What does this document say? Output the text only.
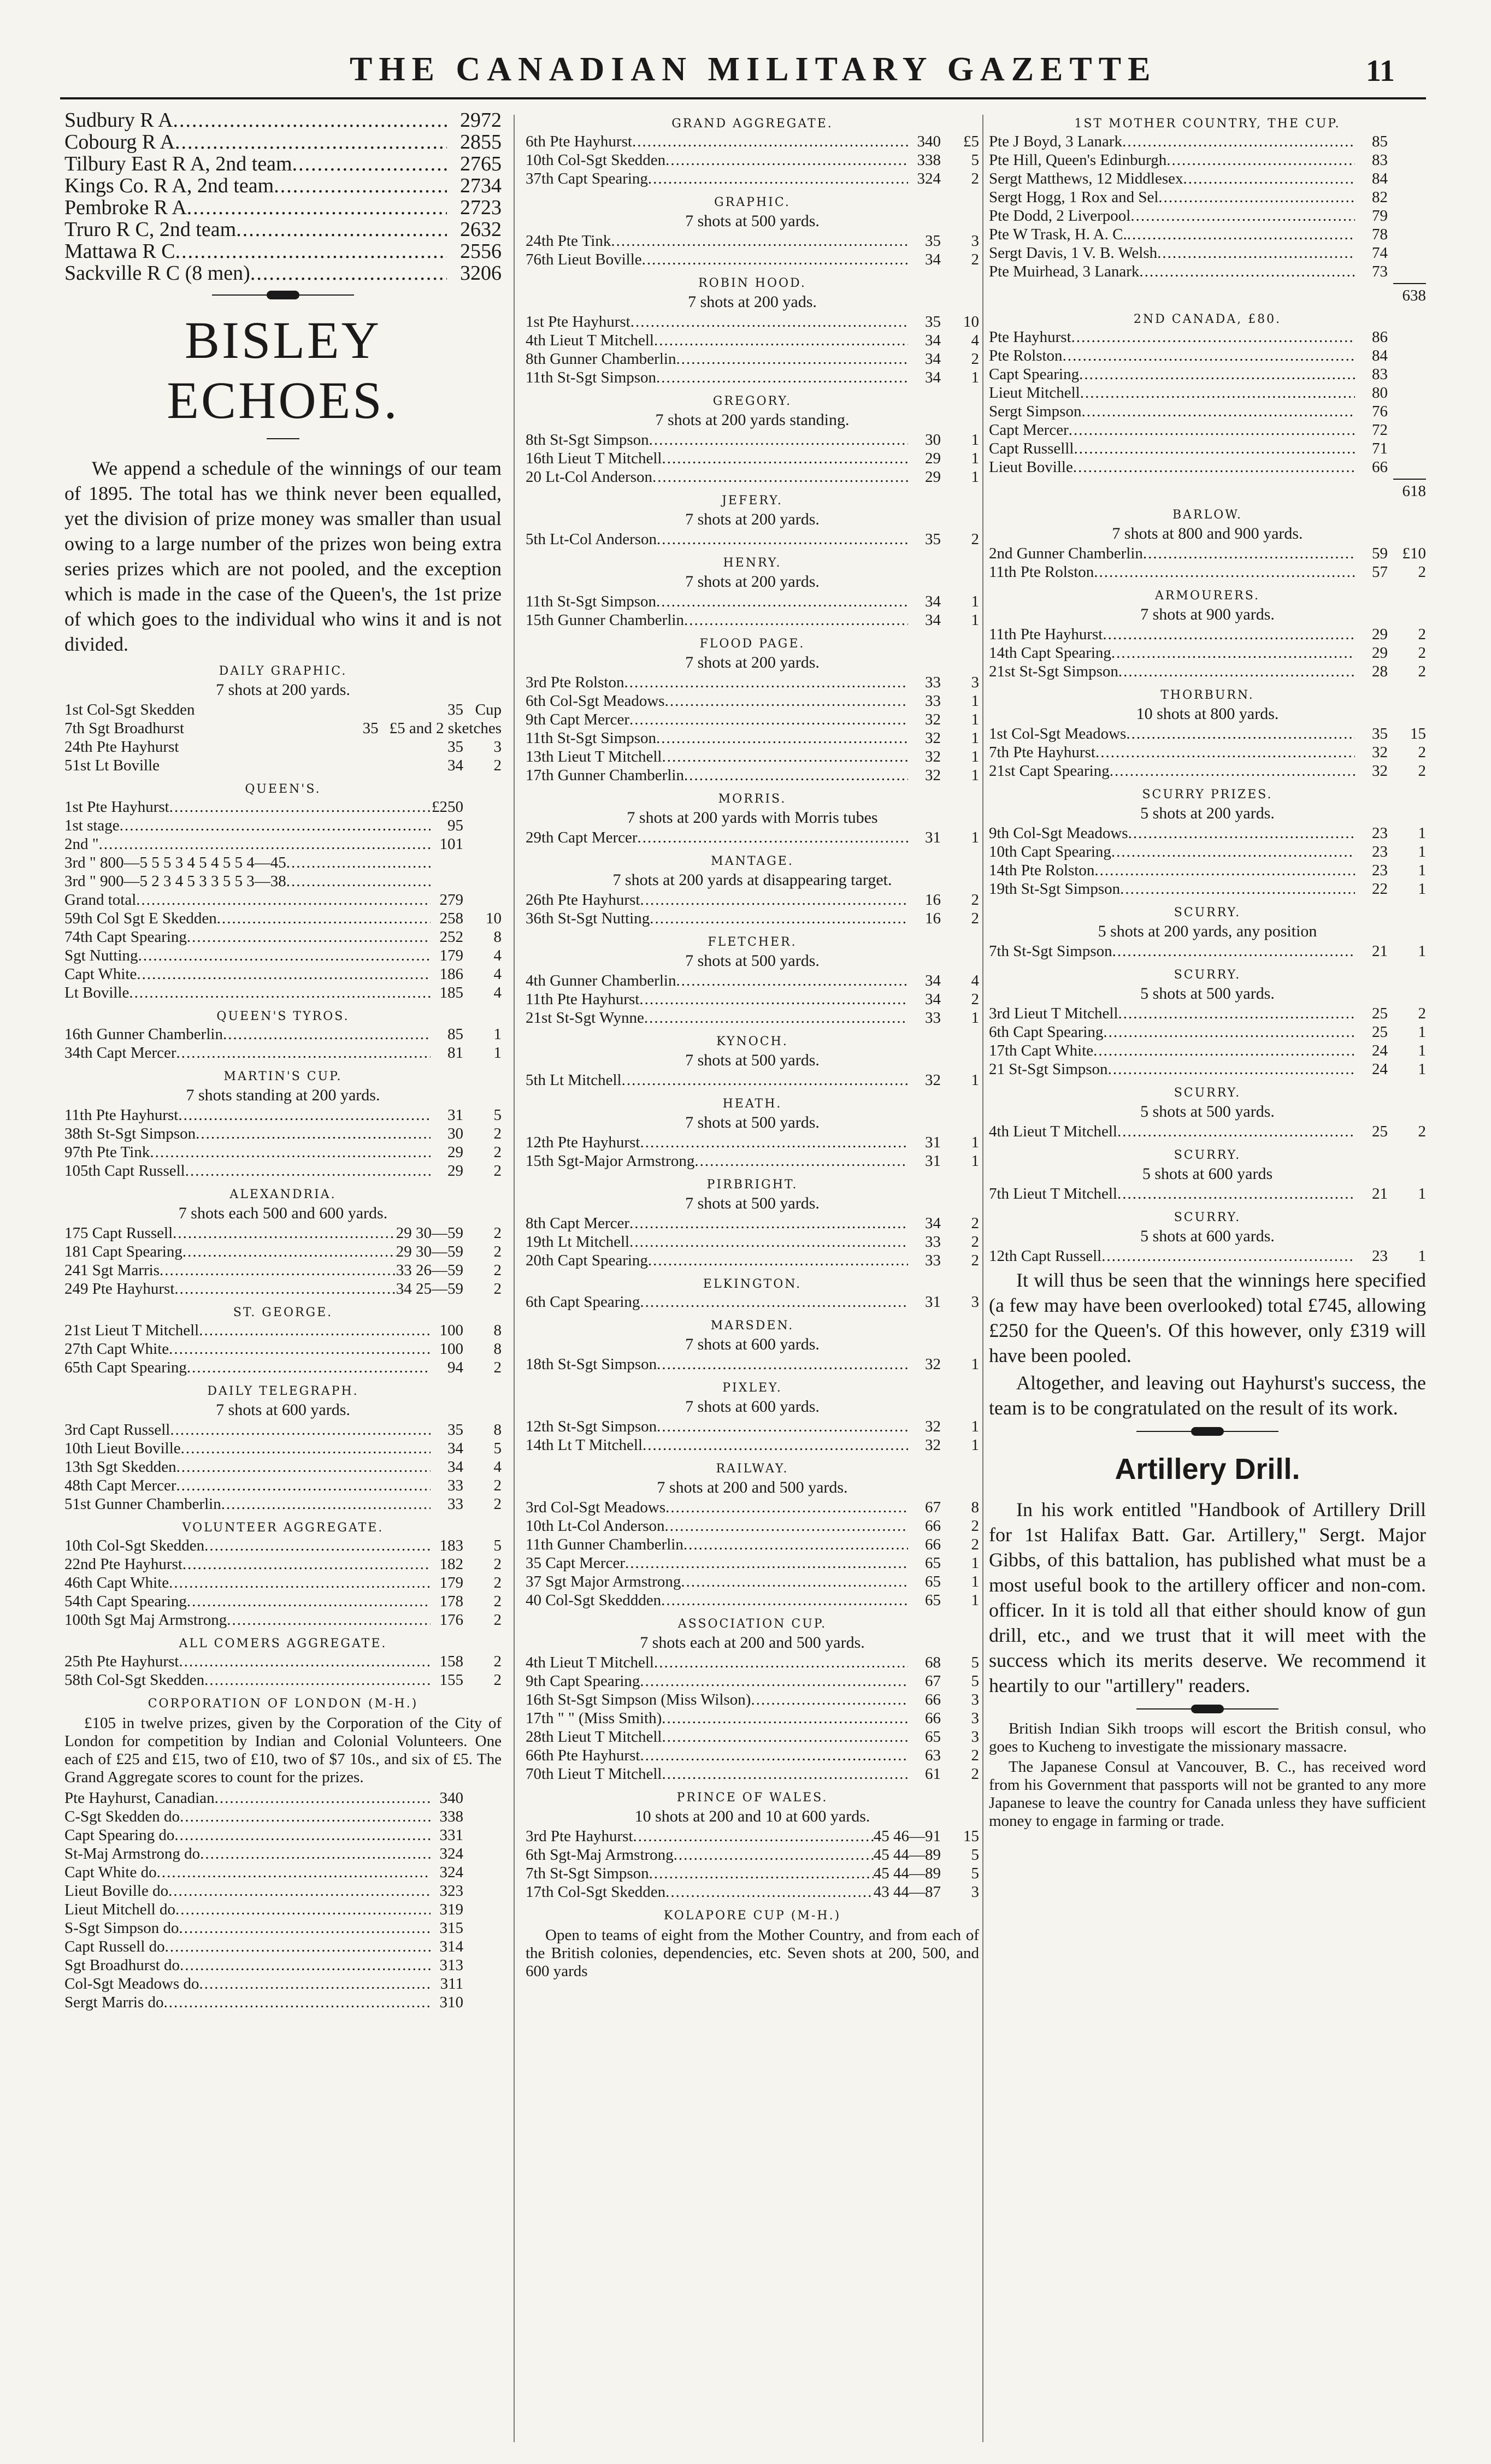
THE CANADIAN MILITARY GAZETTE	11
Sudbury R A .....	2972
Cobourg R A .....	2855
Tilbury East R A, 2nd team .....	2765
Kings Co. R A, 2nd team .....	2734
Pembroke R A .....	2723
Truro R C, 2nd team .....	2632
Mattawa R C .....	2556
Sackville R C (8 men) .....	3206
BISLEY ECHOES.
We append a schedule of the winnings of our team of 1895. The total has we think never been equalled, yet the division of prize money was smaller than usual owing to a large number of the prizes won being extra series prizes which are not pooled, and the exception which is made in the case of the Queen's, the 1st prize of which goes to the individual who wins it and is not divided.
DAILY GRAPHIC.
7 shots at 200 yards.
1st Col-Sgt Skedden	35 Cup
7th Sgt Broadhurst	35 £5 and 2 sketches
24th Pte Hayhurst	35	3
51st Lt Boville	34	2
QUEEN'S.
1st Pte Hayhurst .....	£250
1st stage .....	95
2nd " .....	101
3rd " 800—5 5 5 3 4 5 4 5 5 4—45
.....
3rd " 900—5 2 3 4 5 3 3 5 5 3—38
.....
Grand total .....	279
59th Col Sgt E Skedden .....	258	10
74th Capt Spearing .....	252	8
Sgt Nutting .....	179	4
Capt White .....	186	4
Lt Boville .....	185	4
QUEEN'S TYROS.
16th Gunner Chamberlin .....	85	1
34th Capt Mercer .....	81	1
MARTIN'S CUP.
7 shots standing at 200 yards.
11th Pte Hayhurst .....	31	5
38th St-Sgt Simpson .....	30	2
97th Pte Tink .....	29	2
105th Capt Russell .....	29	2
ALEXANDRIA.
7 shots each 500 and 600 yards.
175 Capt Russell .....	29 30—59	2
181 Capt Spearing .....	29 30—59	2
241 Sgt Marris .....	33 26—59	2
249 Pte Hayhurst .....	34 25—59	2
ST. GEORGE.
21st Lieut T Mitchell .....	100	8
27th Capt White .....	100	8
65th Capt Spearing .....	94	2
DAILY TELEGRAPH.
7 shots at 600 yards.
3rd Capt Russell .....	35	8
10th Lieut Boville .....	34	5
13th Sgt Skedden .....	34	4
48th Capt Mercer .....	33	2
51st Gunner Chamberlin .....	33	2
VOLUNTEER AGGREGATE.
10th Col-Sgt Skedden .....	183	5
22nd Pte Hayhurst .....	182	2
46th Capt White .....	179	2
54th Capt Spearing .....	178	2
100th Sgt Maj Armstrong .....	176	2
ALL COMERS AGGREGATE.
25th Pte Hayhurst .....	158	2
58th Col-Sgt Skedden .....	155	2
CORPORATION OF LONDON (M-H.)
£105 in twelve prizes, given by the Corporation of the City of London for competition by Indian and Colonial Volunteers. One each of £25 and £15, two of £10, two of $7 10s., and six of £5. The Grand Aggregate scores to count for the prizes.
Pte Hayhurst, Canadian .....	340
C-Sgt Skedden do .....	338
Capt Spearing do .....	331
St-Maj Armstrong do .....	324
Capt White do .....	324
Lieut Boville do .....	323
Lieut Mitchell do .....	319
S-Sgt Simpson do .....	315
Capt Russell do .....	314
Sgt Broadhurst do .....	313
Col-Sgt Meadows do .....	311
Sergt Marris do .....	310
GRAND AGGREGATE.
6th Pte Hayhurst .....	340	£5
10th Col-Sgt Skedden .....	338	5
37th Capt Spearing .....	324	2
GRAPHIC.
7 shots at 500 yards.
24th Pte Tink .....	35	3
76th Lieut Boville .....	34	2
ROBIN HOOD.
7 shots at 200 yads.
1st Pte Hayhurst .....	35	10
4th Lieut T Mitchell .....	34	4
8th Gunner Chamberlin .....	34	2
11th St-Sgt Simpson .....	34	1
GREGORY.
7 shots at 200 yards standing.
8th St-Sgt Simpson .....	30	1
16th Lieut T Mitchell .....	29	1
20 Lt-Col Anderson .....	29	1
JEFERY.
7 shots at 200 yards.
5th Lt-Col Anderson .....	35	2
HENRY.
7 shots at 200 yards.
11th St-Sgt Simpson .....	34	1
15th Gunner Chamberlin .....	34	1
FLOOD PAGE.
7 shots at 200 yards.
3rd Pte Rolston .....	33	3
6th Col-Sgt Meadows .....	33	1
9th Capt Mercer .....	32	1
11th St-Sgt Simpson .....	32	1
13th Lieut T Mitchell .....	32	1
17th Gunner Chamberlin .....	32	1
MORRIS.
7 shots at 200 yards with Morris tubes
29th Capt Mercer .....	31	1
MANTAGE.
7 shots at 200 yards at disappearing target.
26th Pte Hayhurst .....	16	2
36th St-Sgt Nutting .....	16	2
FLETCHER.
7 shots at 500 yards.
4th Gunner Chamberlin .....	34	4
11th Pte Hayhurst .....	34	2
21st St-Sgt Wynne .....	33	1
KYNOCH.
7 shots at 500 yards.
5th Lt Mitchell .....	32	1
HEATH.
7 shots at 500 yards.
12th Pte Hayhurst .....	31	1
15th Sgt-Major Armstrong .....	31	1
PIRBRIGHT.
7 shots at 500 yards.
8th Capt Mercer .....	34	2
19th Lt Mitchell .....	33	2
20th Capt Spearing .....	33	2
ELKINGTON.
6th Capt Spearing .....	31	3
MARSDEN.
7 shots at 600 yards.
18th St-Sgt Simpson .....	32	1
PIXLEY.
7 shots at 600 yards.
12th St-Sgt Simpson .....	32	1
14th Lt T Mitchell .....	32	1
RAILWAY.
7 shots at 200 and 500 yards.
3rd Col-Sgt Meadows .....	67	8
10th Lt-Col Anderson .....	66	2
11th Gunner Chamberlin .....	66	2
35 Capt Mercer .....	65	1
37 Sgt Major Armstrong .....	65	1
40 Col-Sgt Skeddden .....	65	1
ASSOCIATION CUP.
7 shots each at 200 and 500 yards.
4th Lieut T Mitchell .....	68	5
9th Capt Spearing .....	67	5
16th St-Sgt Simpson (Miss Wilson) .....	66	3
17th " " (Miss Smith) .....	66	3
28th Lieut T Mitchell .....	65	3
66th Pte Hayhurst .....	63	2
70th Lieut T Mitchell .....	61	2
PRINCE OF WALES.
10 shots at 200 and 10 at 600 yards.
3rd Pte Hayhurst .....	45 46—91	15
6th Sgt-Maj Armstrong .....	45 44—89	5
7th St-Sgt Simpson .....	45 44—89	5
17th Col-Sgt Skedden .....	43 44—87	3
KOLAPORE CUP (M-H.)
Open to teams of eight from the Mother Country, and from each of the British colonies, dependencies, etc. Seven shots at 200, 500, and 600 yards
1ST MOTHER COUNTRY, THE CUP.
Pte J Boyd, 3 Lanark .....	85
Pte Hill, Queen's Edinburgh .....	83
Sergt Matthews, 12 Middlesex .....	84
Sergt Hogg, 1 Rox and Sel .....	82
Pte Dodd, 2 Liverpool .....	79
Pte W Trask, H. A. C. .....	78
Sergt Davis, 1 V. B. Welsh .....	74
Pte Muirhead, 3 Lanark .....	73
638
2ND CANADA, £80.
Pte Hayhurst .....	86
Pte Rolston .....	84
Capt Spearing .....	83
Lieut Mitchell .....	80
Sergt Simpson .....	76
Capt Mercer .....	72
Capt Russelll .....	71
Lieut Boville .....	66
618
BARLOW.
7 shots at 800 and 900 yards.
2nd Gunner Chamberlin .....	59 £10
11th Pte Rolston .....	57	2
ARMOURERS.
7 shots at 900 yards.
11th Pte Hayhurst .....	29	2
14th Capt Spearing .....	29	2
21st St-Sgt Simpson .....	28	2
THORBURN.
10 shots at 800 yards.
1st Col-Sgt Meadows .....	35	15
7th Pte Hayhurst .....	32	2
21st Capt Spearing .....	32	2
SCURRY PRIZES.
5 shots at 200 yards.
9th Col-Sgt Meadows .....	23	1
10th Capt Spearing .....	23	1
14th Pte Rolston .....	23	1
19th St-Sgt Simpson .....	22	1
SCURRY.
5 shots at 200 yards, any position
7th St-Sgt Simpson .....	21	1
SCURRY.
5 shots at 500 yards.
3rd Lieut T Mitchell .....	25	2
6th Capt Spearing .....	25	1
17th Capt White .....	24	1
21 St-Sgt Simpson .....	24	1
SCURRY.
5 shots at 500 yards.
4th Lieut T Mitchell .....	25	2
SCURRY.
5 shots at 600 yards
7th Lieut T Mitchell .....	21	1
SCURRY.
5 shots at 600 yards.
12th Capt Russell .....	23	1
It will thus be seen that the winnings here specified (a few may have been overlooked) total £745, allowing £250 for the Queen's. Of this however, only £319 will have been pooled.
Altogether, and leaving out Hayhurst's success, the team is to be congratulated on the result of its work.
Artillery Drill.
In his work entitled "Handbook of Artillery Drill for 1st Halifax Batt. Gar. Artillery," Sergt. Major Gibbs, of this battalion, has published what must be a most useful book to the artillery officer and non-com. officer. In it is told all that either should know of gun drill, etc., and we trust that it will meet with the success which its merits deserve. We recommend it heartily to our "artillery" readers.
British Indian Sikh troops will escort the British consul, who goes to Kucheng to investigate the missionary massacre.
The Japanese Consul at Vancouver, B. C., has received word from his Government that passports will not be granted to any more Japanese to leave the country for Canada unless they have sufficient money to engage in farming or trade.
